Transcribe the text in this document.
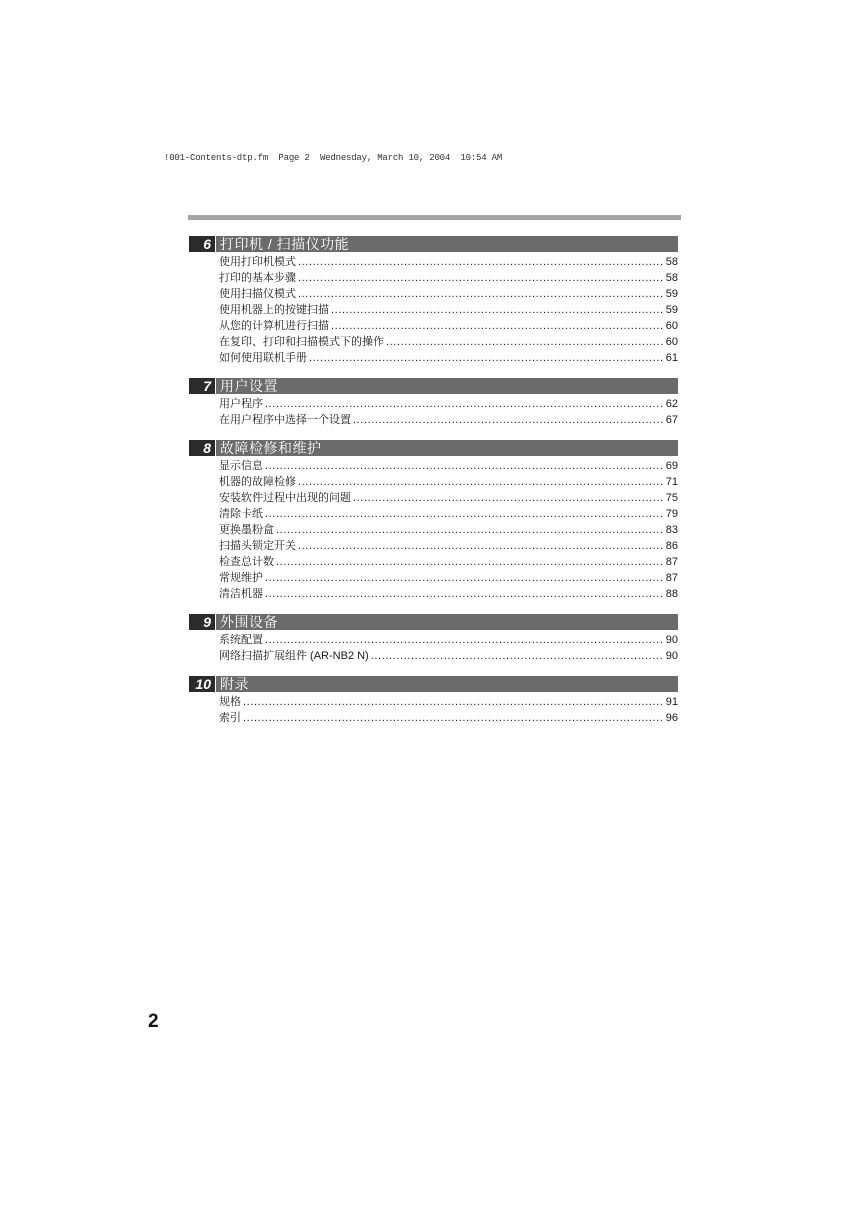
!001-Contents-dtp.fm  Page 2  Wednesday, March 10, 2004  10:54 AM
6 打印机 / 扫描仪功能
使用打印机模式 .....	58
打印的基本步骤 .....	58
使用扫描仪模式 .....	59
使用机器上的按键扫描 .....	59
从您的计算机进行扫描 .....	60
在复印、打印和扫描模式下的操作 .....	60
如何使用联机手册 .....	61
7 用户设置
用户程序 .....	62
在用户程序中选择一个设置 .....	67
8 故障检修和维护
显示信息 .....	69
机器的故障检修 .....	71
安装软件过程中出现的问题 .....	75
清除卡纸 .....	79
更换墨粉盒 .....	83
扫描头锁定开关 .....	86
检查总计数 .....	87
常规维护 .....	87
清洁机器 .....	88
9 外围设备
系统配置 .....	90
网络扫描扩展组件 (AR-NB2 N) .....	90
10 附录
规格 .....	91
索引 .....	96
2
